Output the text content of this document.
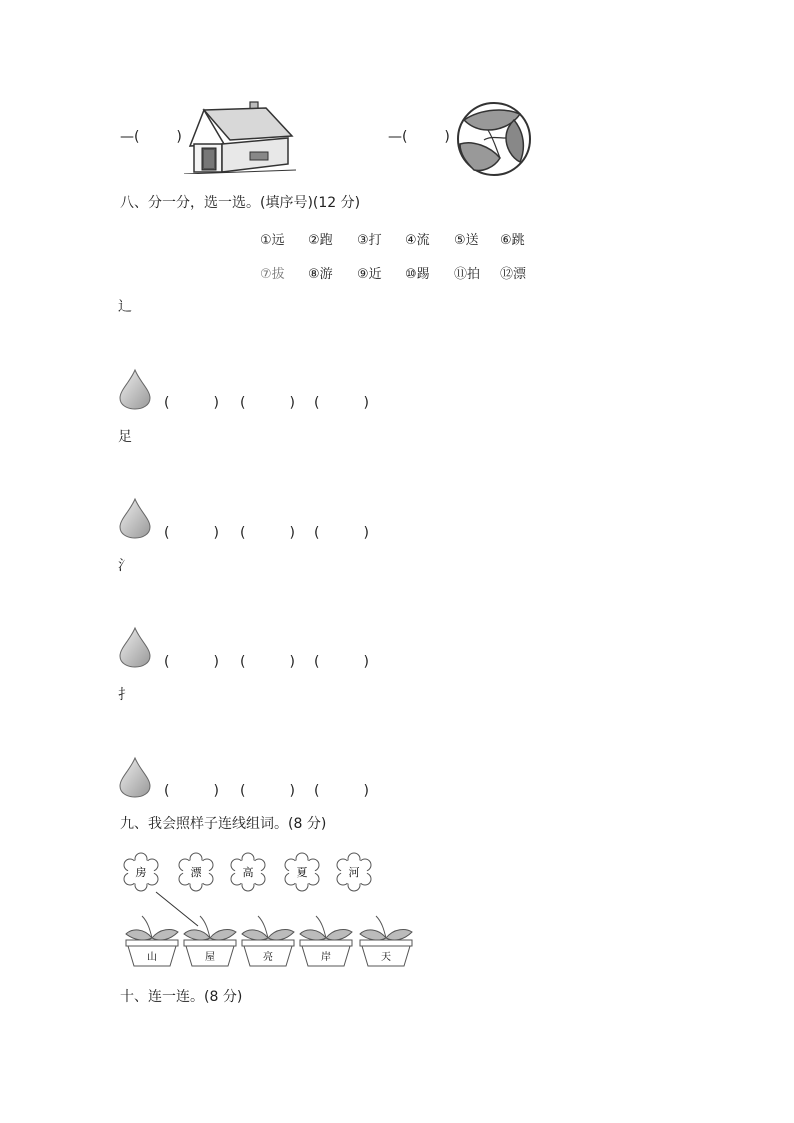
—(	)	—(	)
八、分一分，选一选。(填序号)(12 分)
①远 ②跑 ③打 ④流 ⑤送 ⑥跳
⑦拔 ⑧游 ⑨近 ⑩踢 ⑪拍 ⑫漂
辶
(	) (	) (	)
足
(	) (	) (	)
氵
(	) (	) (	)
扌
(	) (	) (	)
九、我会照样子连线组词。(8 分)
房	漂	高	夏	河
山	屋	亮	岸	天
十、连一连。(8 分)
